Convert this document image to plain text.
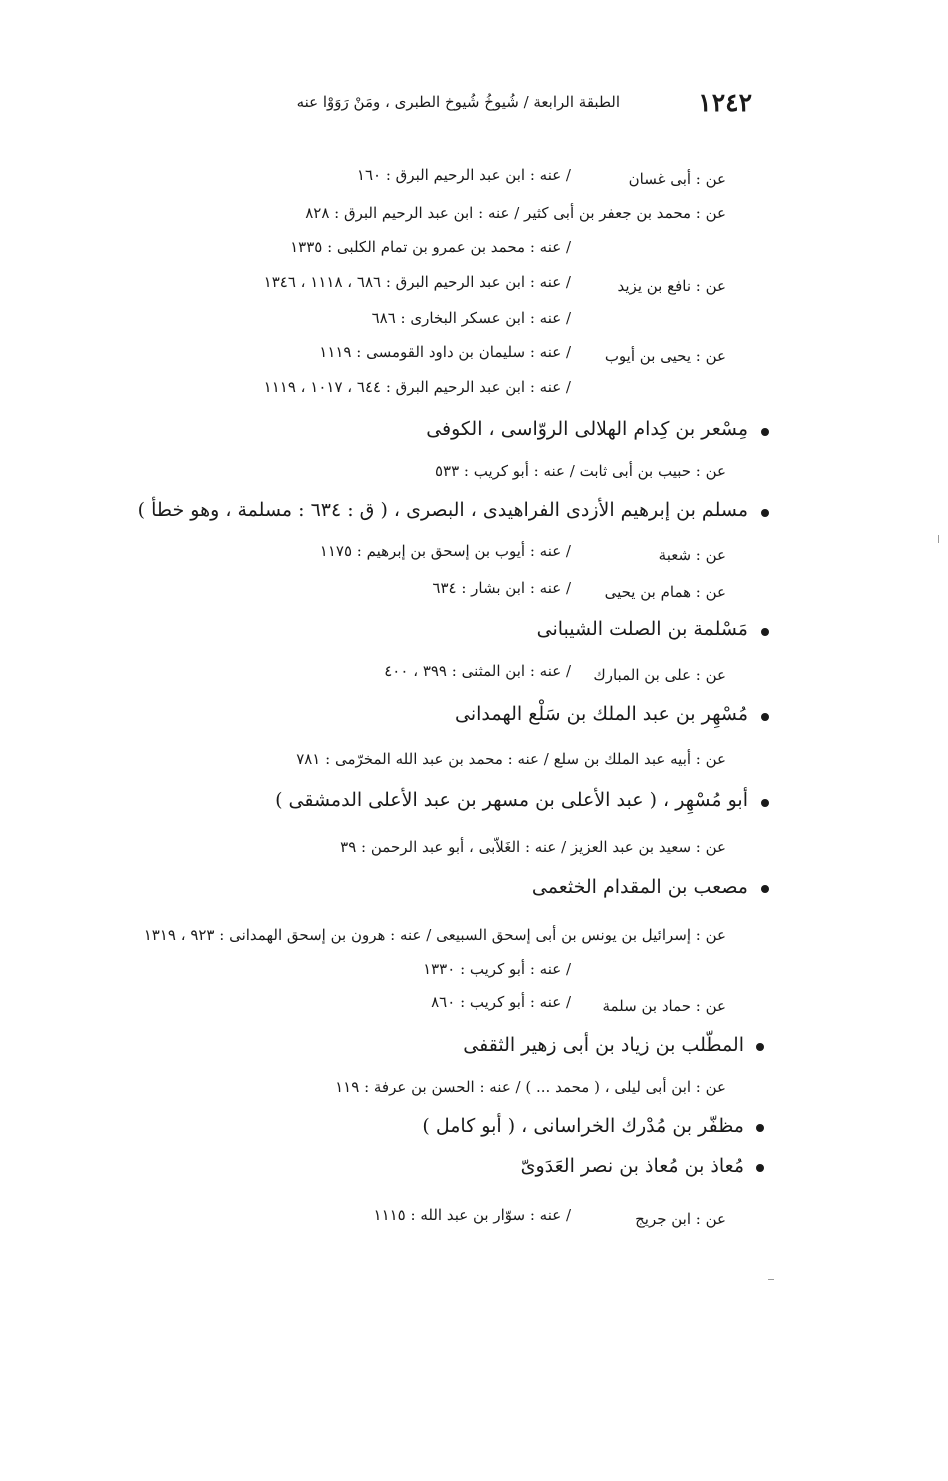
١٢٤٢
الطبقة الرابعة / شُيوخُ شُيوخ الطبرى ، ومَنْ رَوَوْا عنه
عن : أبى غسان
/ عنه : ابن عبد الرحيم البرق : ١٦٠
عن : محمد بن جعفر بن أبى كثير / عنه : ابن عبد الرحيم البرق : ٨٢٨
/ عنه : محمد بن عمرو بن تمام الكلبى : ١٣٣٥
عن : نافع بن يزيد
/ عنه : ابن عبد الرحيم البرق : ٦٨٦ ، ١١١٨ ، ١٣٤٦
/ عنه : ابن عسكر البخارى : ٦٨٦
عن : يحيى بن أيوب
/ عنه : سليمان بن داود القومسى : ١١١٩
/ عنه : ابن عبد الرحيم البرق : ٦٤٤ ، ١٠١٧ ، ١١١٩
مِسْعر بن كِدام الهلالى الروّاسى ، الكوفى
عن : حبيب بن أبى ثابت / عنه : أبو كريب : ٥٣٣
مسلم بن إبرهيم الأزدى الفراهيدى ، البصرى ، ( ق : ٦٣٤ : مسلمة ، وهو خطأ )
عن : شعبة
/ عنه : أيوب بن إسحق بن إبرهيم : ١١٧٥
عن : همام بن يحيى
/ عنه : ابن بشار : ٦٣٤
مَسْلمة بن الصلت الشيبانى
عن : على بن المبارك
/ عنه : ابن المثنى : ٣٩٩ ، ٤٠٠
مُسْهِر بن عبد الملك بن سَلْع الهمدانى
عن : أبيه عبد الملك بن سلع / عنه : محمد بن عبد الله المخرّمى : ٧٨١
أبو مُسْهِر ، ( عبد الأعلى بن مسهر بن عبد الأعلى الدمشقى )
عن : سعيد بن عبد العزيز / عنه : الغَلاّبى ، أبو عبد الرحمن : ٣٩
مصعب بن المقدام الخثعمى
عن : إسرائيل بن يونس بن أبى إسحق السبيعى / عنه : هرون بن إسحق الهمدانى : ٩٢٣ ، ١٣١٩
/ عنه : أبو كريب : ١٣٣٠
عن : حماد بن سلمة
/ عنه : أبو كريب : ٨٦٠
المطّلب بن زياد بن أبى زهير الثقفى
عن : ابن أبى ليلى ، ( محمد ... ) / عنه : الحسن بن عرفة : ١١٩
مظفّر بن مُدْرك الخراسانى ، ( أبو كامل )
مُعاذ بن مُعاذ بن نصر العَدَوىّ
عن : ابن جريج
/ عنه : سوّار بن عبد الله : ١١١٥
